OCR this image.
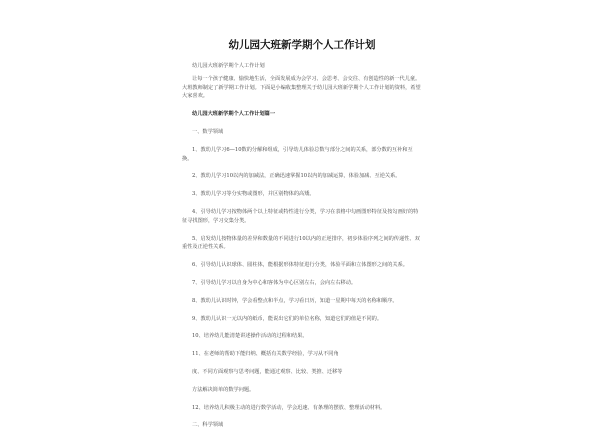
幼儿园大班新学期个人工作计划

幼儿园大班新学期个人工作计划

让每一个孩子健康、愉快地生活，全面发展成为会学习、会思考、会交往、有创造性的新一代儿童。大班教师制定了新学期工作计划。下面是小编收集整理关于幼儿园大班新学期个人工作计划的资料，希望大家喜欢。

幼儿园大班新学期个人工作计划篇一

一、数学领域

1、教幼儿学习6—10数的分解和组成，引导幼儿体验总数与部分之间的关系，部分数的互补和互换。

2、教幼儿学习10以内的加减法，正确迅速掌握10以内的加减运算，体验加减、互逆关系。

3、教幼儿学习等分实物或图形，并区别物体的高矮。

4、引导幼儿学习按物体两个以上特征或特性进行分类，学习在表格中勾画图形特征及按勾画好的特征寻找图形，学习交集分类。

5、启发幼儿按物体量的差异和数量的不同进行10以内的正逆排序，初步体验序列之间的传递性、双重性及正逆性关系。

6、引导幼儿认识球体、圆柱体，能根据形体特征进行分类，体验平面和立体图形之间的关系。

7、引导幼儿学习以自身为中心和客体为中心区别左右，会向左右移动。

8、教幼儿认识时钟，学会看整点和半点，学习看日历，知道一星期中每天的名称和顺序。

9、教幼儿认识一元以内的纸币，能说出它们的单位名称，知道它们的值是不同的。

10、培养幼儿能清楚讲述操作活动的过程和结果。

11、在老师的帮助下能归纳、概括有关数学经验，学习从不同角

度、不同方面观察与思考问题，能通过观察、比较、类推、迁移等

方法解决简单的数学问题。

12、培养幼儿积极主动的进行数学活动，学会迅速、有条理的摆放、整理活动材料。

二、科学领域
